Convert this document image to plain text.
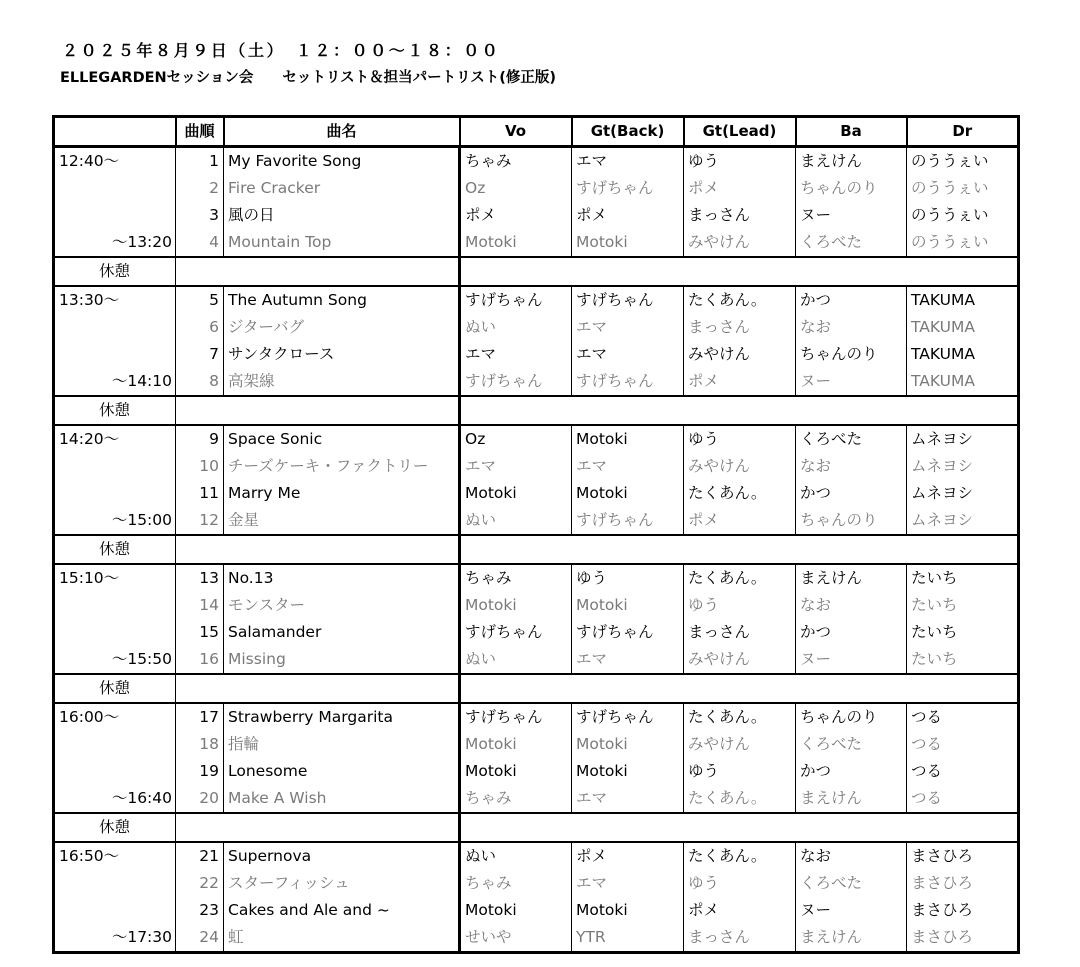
２０２５年８月９日（土）　１２：００～１８：００
ELLEGARDENセッション会　　セットリスト＆担当パートリスト(修正版)
	曲順	曲名	Vo	Gt(Back)	Gt(Lead)	Ba	Dr
12:40～	1	My Favorite Song	ちゃみ	エマ	ゆう	まえけん	のううぇい
	2	Fire Cracker	Oz	すげちゃん	ポメ	ちゃんのり	のううぇい
	3	風の日	ポメ	ポメ	まっさん	ヌー	のううぇい
～13:20	4	Mountain Top	Motoki	Motoki	みやけん	くろべた	のううぇい
休憩							
13:30～	5	The Autumn Song	すげちゃん	すげちゃん	たくあん。	かつ	TAKUMA
	6	ジターバグ	ぬい	エマ	まっさん	なお	TAKUMA
	7	サンタクロース	エマ	エマ	みやけん	ちゃんのり	TAKUMA
～14:10	8	高架線	すげちゃん	すげちゃん	ポメ	ヌー	TAKUMA
休憩							
14:20～	9	Space Sonic	Oz	Motoki	ゆう	くろべた	ムネヨシ
	10	チーズケーキ・ファクトリー	エマ	エマ	みやけん	なお	ムネヨシ
	11	Marry Me	Motoki	Motoki	たくあん。	かつ	ムネヨシ
～15:00	12	金星	ぬい	すげちゃん	ポメ	ちゃんのり	ムネヨシ
休憩							
15:10～	13	No.13	ちゃみ	ゆう	たくあん。	まえけん	たいち
	14	モンスター	Motoki	Motoki	ゆう	なお	たいち
	15	Salamander	すげちゃん	すげちゃん	まっさん	かつ	たいち
～15:50	16	Missing	ぬい	エマ	みやけん	ヌー	たいち
休憩							
16:00～	17	Strawberry Margarita	すげちゃん	すげちゃん	たくあん。	ちゃんのり	つる
	18	指輪	Motoki	Motoki	みやけん	くろべた	つる
	19	Lonesome	Motoki	Motoki	ゆう	かつ	つる
～16:40	20	Make A Wish	ちゃみ	エマ	たくあん。	まえけん	つる
休憩							
16:50～	21	Supernova	ぬい	ポメ	たくあん。	なお	まさひろ
	22	スターフィッシュ	ちゃみ	エマ	ゆう	くろべた	まさひろ
	23	Cakes and Ale and ~	Motoki	Motoki	ポメ	ヌー	まさひろ
～17:30	24	虹	せいや	YTR	まっさん	まえけん	まさひろ
